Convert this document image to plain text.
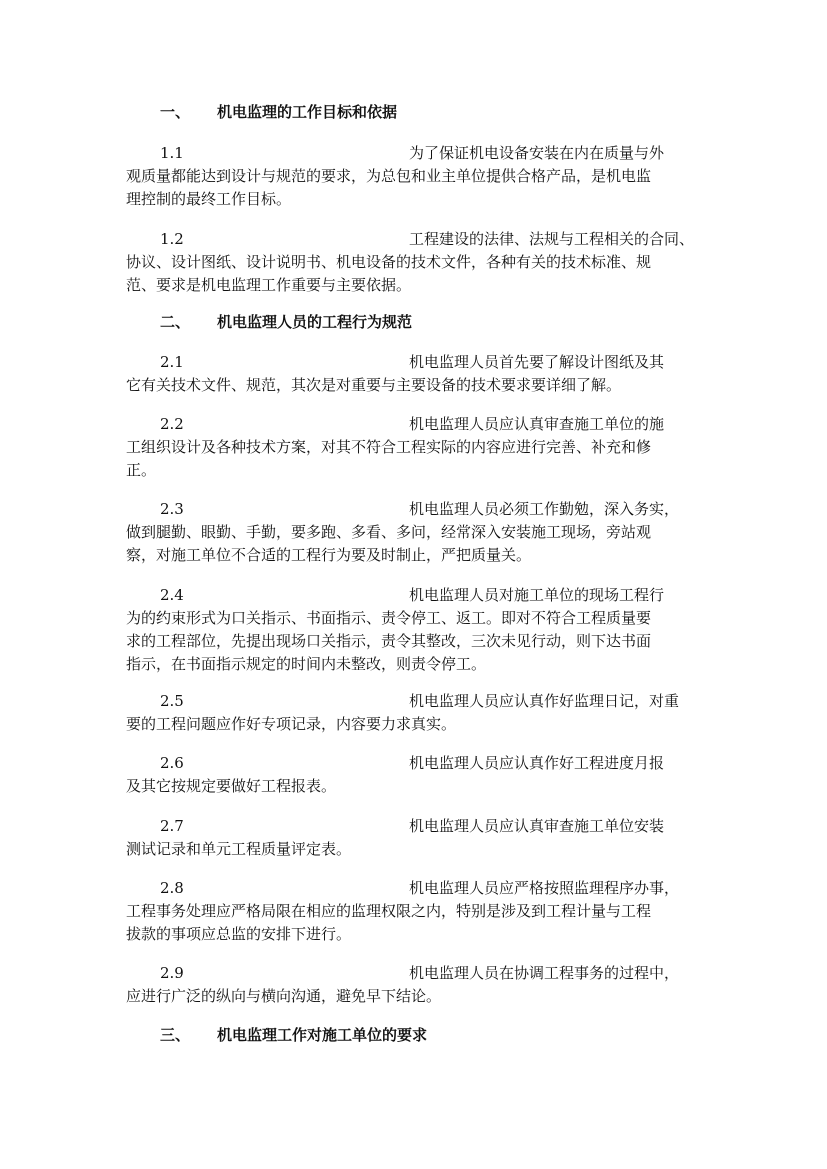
一、 机电监理的工作目标和依据
1.1	为了保证机电设备安装在内在质量与外
观质量都能达到设计与规范的要求，为总包和业主单位提供合格产品，是机电监
理控制的最终工作目标。
1.2	工程建设的法律、法规与工程相关的合同、
协议、设计图纸、设计说明书、机电设备的技术文件，各种有关的技术标准、规
范、要求是机电监理工作重要与主要依据。
二、 机电监理人员的工程行为规范
2.1	机电监理人员首先要了解设计图纸及其
它有关技术文件、规范，其次是对重要与主要设备的技术要求要详细了解。
2.2	机电监理人员应认真审查施工单位的施
工组织设计及各种技术方案，对其不符合工程实际的内容应进行完善、补充和修
正。
2.3	机电监理人员必须工作勤勉，深入务实，
做到腿勤、眼勤、手勤，要多跑、多看、多问，经常深入安装施工现场，旁站观
察，对施工单位不合适的工程行为要及时制止，严把质量关。
2.4	机电监理人员对施工单位的现场工程行
为的约束形式为口关指示、书面指示、责令停工、返工。即对不符合工程质量要
求的工程部位，先提出现场口关指示，责令其整改，三次未见行动，则下达书面
指示，在书面指示规定的时间内未整改，则责令停工。
2.5	机电监理人员应认真作好监理日记，对重
要的工程问题应作好专项记录，内容要力求真实。
2.6	机电监理人员应认真作好工程进度月报
及其它按规定要做好工程报表。
2.7	机电监理人员应认真审查施工单位安装
测试记录和单元工程质量评定表。
2.8	机电监理人员应严格按照监理程序办事，
工程事务处理应严格局限在相应的监理权限之内，特别是涉及到工程计量与工程
拔款的事项应总监的安排下进行。
2.9	机电监理人员在协调工程事务的过程中，
应进行广泛的纵向与横向沟通，避免早下结论。
三、 机电监理工作对施工单位的要求
